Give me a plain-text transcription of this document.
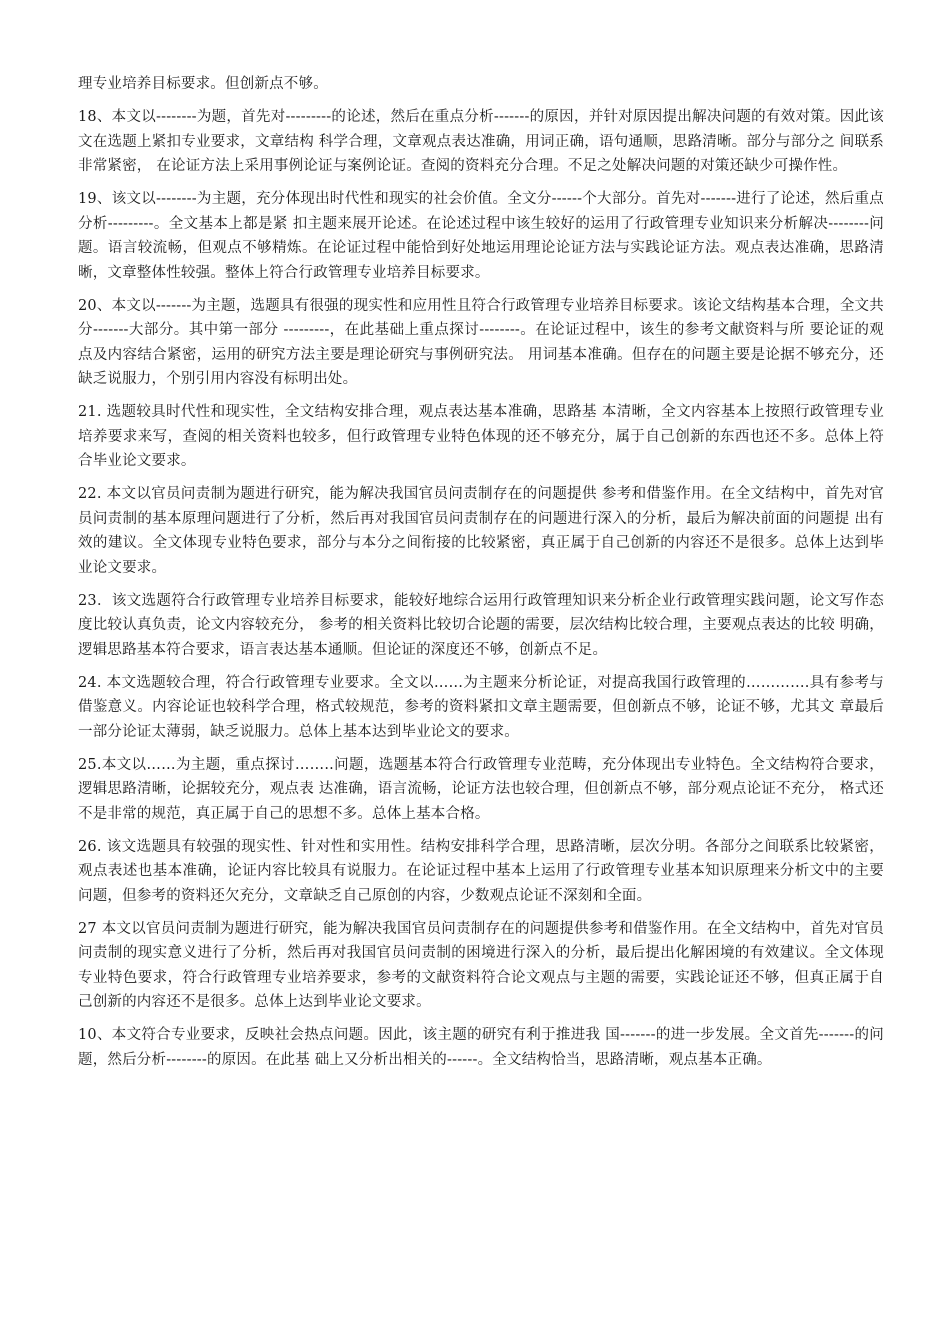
理专业培养目标要求。但创新点不够。

18、本文以--------为题，首先对---------的论述，然后在重点分析-------的原因，并针对原因提出解决问题的有效对策。因此该文在选题上紧扣专业要求，文章结构 科学合理，文章观点表达准确，用词正确，语句通顺，思路清晰。部分与部分之 间联系非常紧密， 在论证方法上采用事例论证与案例论证。查阅的资料充分合理。不足之处解决问题的对策还缺少可操作性。

19、该文以--------为主题，充分体现出时代性和现实的社会价值。全文分------个大部分。首先对-------进行了论述，然后重点分析---------。全文基本上都是紧 扣主题来展开论述。在论述过程中该生较好的运用了行政管理专业知识来分析解决--------问题。语言较流畅，但观点不够精炼。在论证过程中能恰到好处地运用理论论证方法与实践论证方法。观点表达准确，思路清晰，文章整体性较强。整体上符合行政管理专业培养目标要求。

20、本文以-------为主题，选题具有很强的现实性和应用性且符合行政管理专业培养目标要求。该论文结构基本合理，全文共分-------大部分。其中第一部分 ---------，在此基础上重点探讨--------。在论证过程中，该生的参考文献资料与所 要论证的观点及内容结合紧密，运用的研究方法主要是理论研究与事例研究法。 用词基本准确。但存在的问题主要是论据不够充分，还缺乏说服力，个别引用内容没有标明出处。

21. 选题较具时代性和现实性，全文结构安排合理，观点表达基本准确，思路基 本清晰，全文内容基本上按照行政管理专业培养要求来写，查阅的相关资料也较多，但行政管理专业特色体现的还不够充分，属于自己创新的东西也还不多。总体上符合毕业论文要求。

22. 本文以官员问责制为题进行研究，能为解决我国官员问责制存在的问题提供 参考和借鉴作用。在全文结构中，首先对官员问责制的基本原理问题进行了分析，然后再对我国官员问责制存在的问题进行深入的分析，最后为解决前面的问题提 出有效的建议。全文体现专业特色要求，部分与本分之间衔接的比较紧密，真正属于自己创新的内容还不是很多。总体上达到毕业论文要求。

23．该文选题符合行政管理专业培养目标要求，能较好地综合运用行政管理知识来分析企业行政管理实践问题，论文写作态度比较认真负责，论文内容较充分， 参考的相关资料比较切合论题的需要，层次结构比较合理，主要观点表达的比较 明确，逻辑思路基本符合要求，语言表达基本通顺。但论证的深度还不够，创新点不足。

24. 本文选题较合理，符合行政管理专业要求。全文以……为主题来分析论证，对提高我国行政管理的………….具有参考与借鉴意义。内容论证也较科学合理，格式较规范，参考的资料紧扣文章主题需要，但创新点不够，论证不够，尤其文 章最后一部分论证太薄弱，缺乏说服力。总体上基本达到毕业论文的要求。

25.本文以……为主题，重点探讨……..问题，选题基本符合行政管理专业范畴，充分体现出专业特色。全文结构符合要求，逻辑思路清晰，论据较充分，观点表 达准确，语言流畅，论证方法也较合理，但创新点不够，部分观点论证不充分， 格式还不是非常的规范，真正属于自己的思想不多。总体上基本合格。

26. 该文选题具有较强的现实性、针对性和实用性。结构安排科学合理，思路清晰，层次分明。各部分之间联系比较紧密，观点表述也基本准确，论证内容比较具有说服力。在论证过程中基本上运用了行政管理专业基本知识原理来分析文中的主要问题，但参考的资料还欠充分，文章缺乏自己原创的内容，少数观点论证不深刻和全面。

27 本文以官员问责制为题进行研究，能为解决我国官员问责制存在的问题提供参考和借鉴作用。在全文结构中，首先对官员问责制的现实意义进行了分析，然后再对我国官员问责制的困境进行深入的分析，最后提出化解困境的有效建议。全文体现专业特色要求，符合行政管理专业培养要求，参考的文献资料符合论文观点与主题的需要，实践论证还不够，但真正属于自己创新的内容还不是很多。总体上达到毕业论文要求。

10、本文符合专业要求，反映社会热点问题。因此，该主题的研究有利于推进我 国-------的进一步发展。全文首先-------的问题，然后分析--------的原因。在此基 础上又分析出相关的------。全文结构恰当，思路清晰，观点基本正确。
